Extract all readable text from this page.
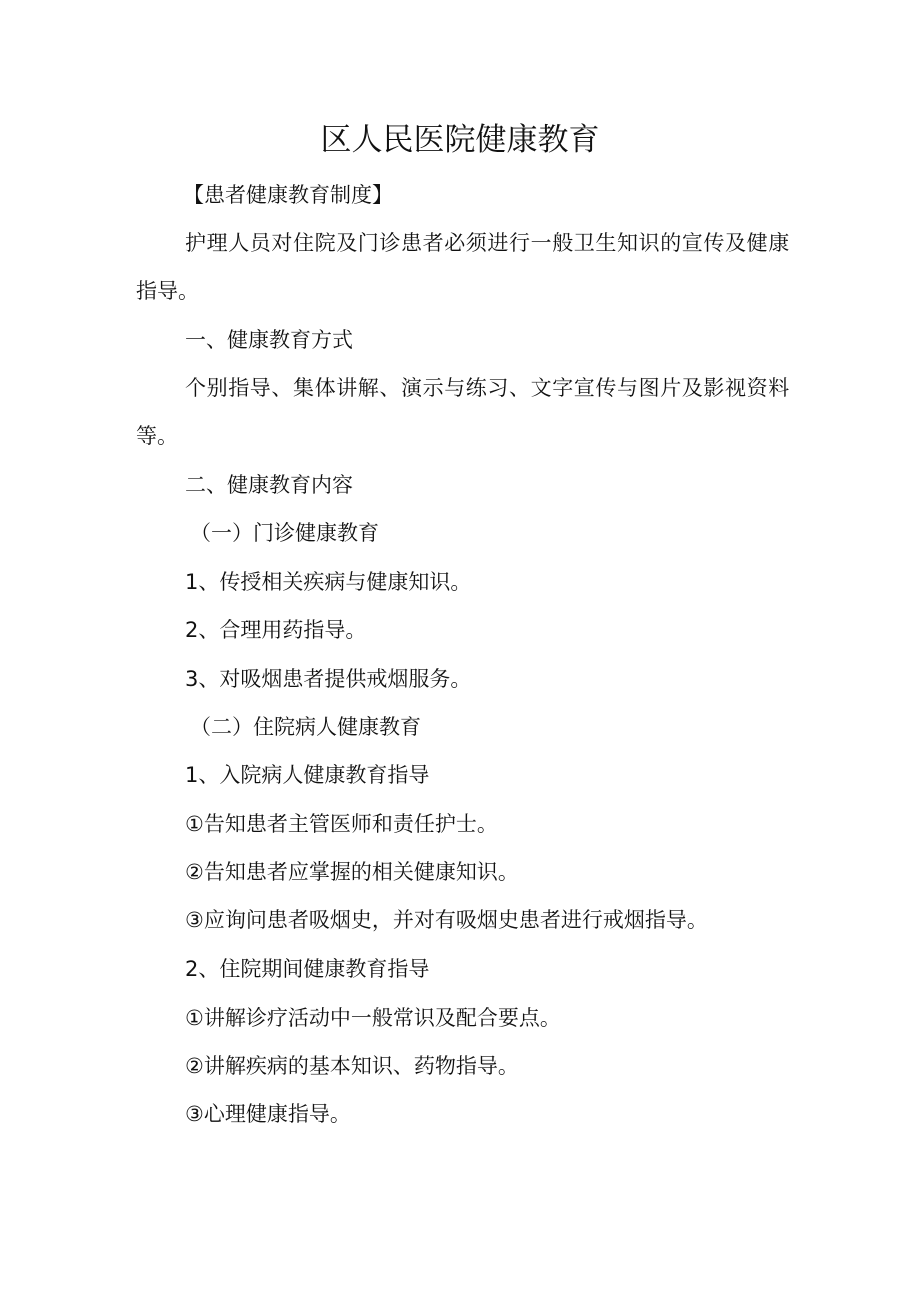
区人民医院健康教育

【患者健康教育制度】

护理人员对住院及门诊患者必须进行一般卫生知识的宣传及健康
指导。

一、健康教育方式

个别指导、集体讲解、演示与练习、文字宣传与图片及影视资料
等。

二、健康教育内容

（一）门诊健康教育

1、传授相关疾病与健康知识。

2、合理用药指导。

3、对吸烟患者提供戒烟服务。

（二）住院病人健康教育

1、入院病人健康教育指导

①告知患者主管医师和责任护士。

②告知患者应掌握的相关健康知识。

③应询问患者吸烟史，并对有吸烟史患者进行戒烟指导。

2、住院期间健康教育指导

①讲解诊疗活动中一般常识及配合要点。

②讲解疾病的基本知识、药物指导。

③心理健康指导。
